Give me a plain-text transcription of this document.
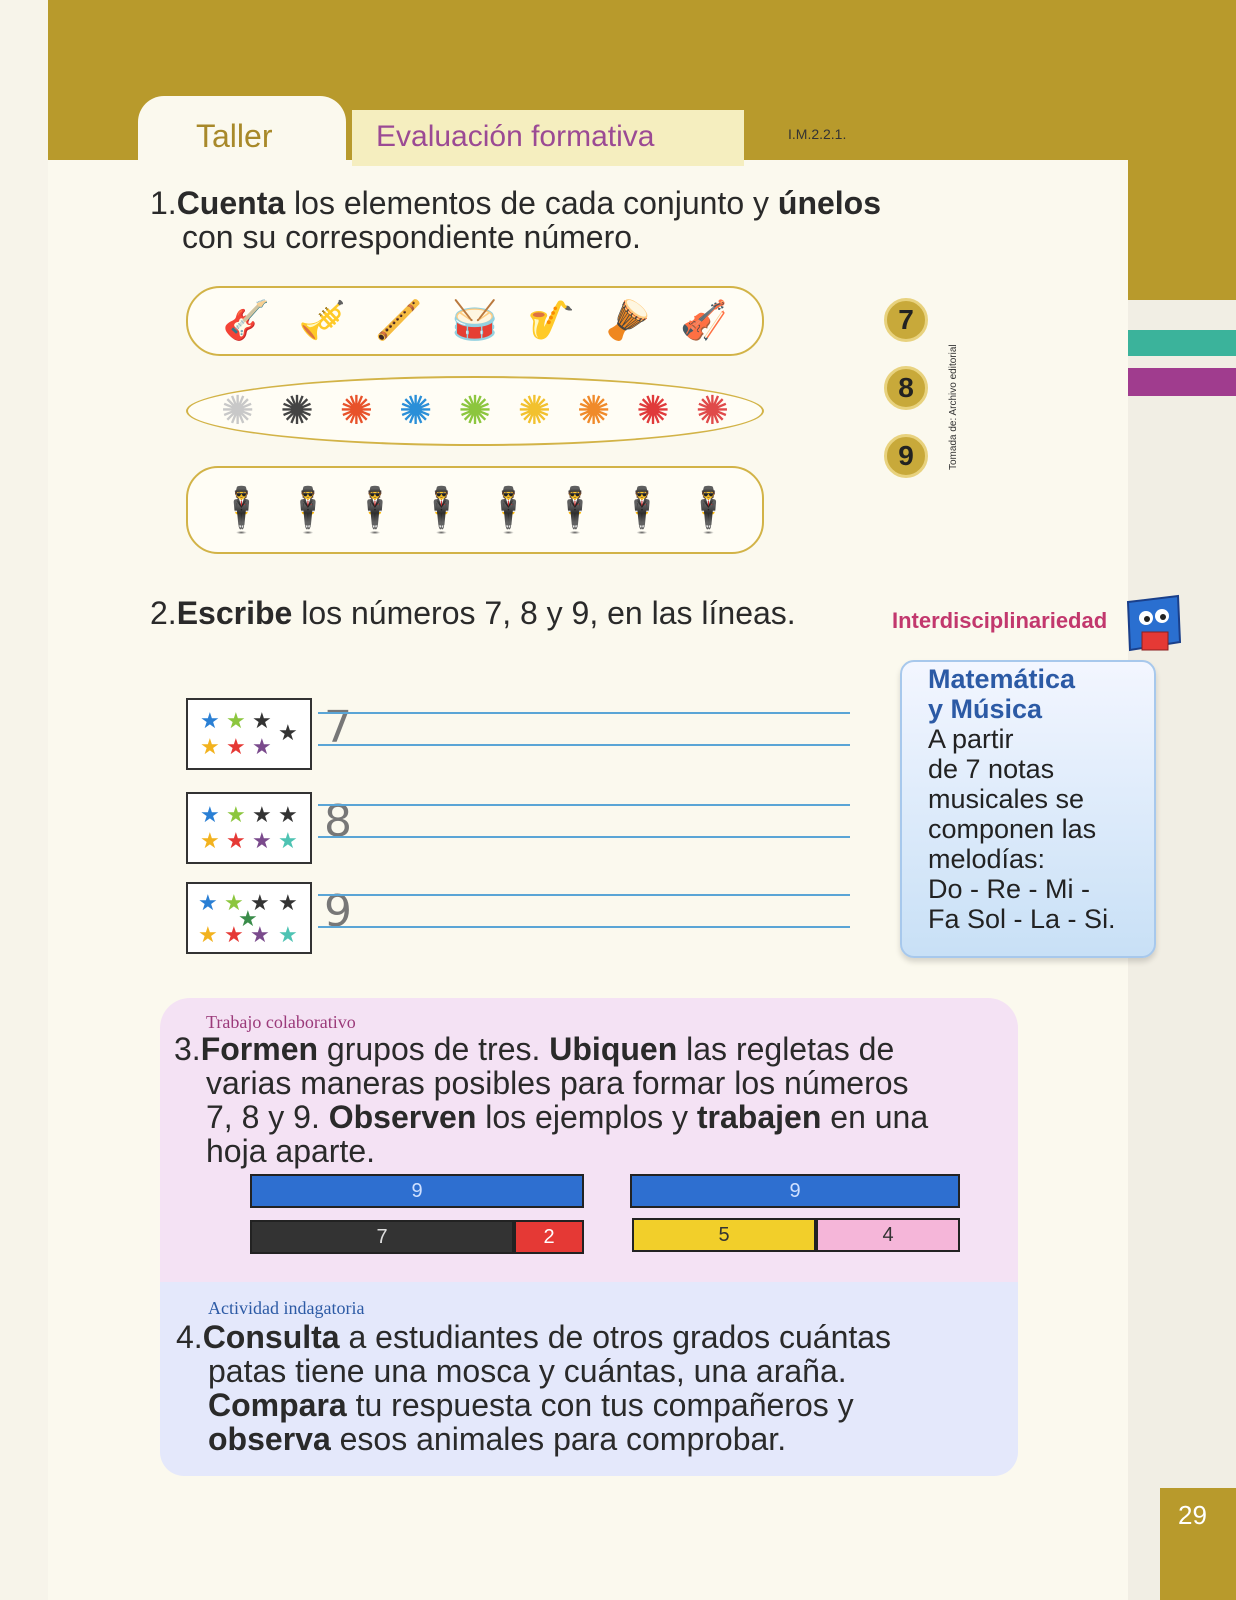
Taller	Evaluación formativa	I.M.2.2.1.
1.Cuenta los elementos de cada conjunto y únelos
con su correspondiente número.
🎸 🎺 🪈 🥁 🎷 🪘 🎻
✺ ✺ ✺ ✺ ✺ ✺ ✺ ✺ ✺
🕴 🕴 🕴 🕴 🕴 🕴 🕴 🕴
7
8
9	Tomada de: Archivo editorial
2.Escribe los números 7, 8 y 9, en las líneas.
★ ★ ★ ★
★ ★ ★
★ ★ ★ ★
★ ★ ★ ★
★ ★ ★ ★
★
★ ★ ★ ★
7
8
9
Interdisciplinariedad
Matemática
y Música
A partir
de 7 notas
musicales se
componen las
melodías:
Do - Re - Mi -
Fa Sol - La - Si.
Trabajo colaborativo
3.Formen grupos de tres. Ubiquen las regletas de
varias maneras posibles para formar los números
7, 8 y 9. Observen los ejemplos y trabajen en una
hoja aparte.
9
7	2
9
5	4
Actividad indagatoria
4.Consulta a estudiantes de otros grados cuántas
patas tiene una mosca y cuántas, una araña.
Compara tu respuesta con tus compañeros y
observa esos animales para comprobar.
29
